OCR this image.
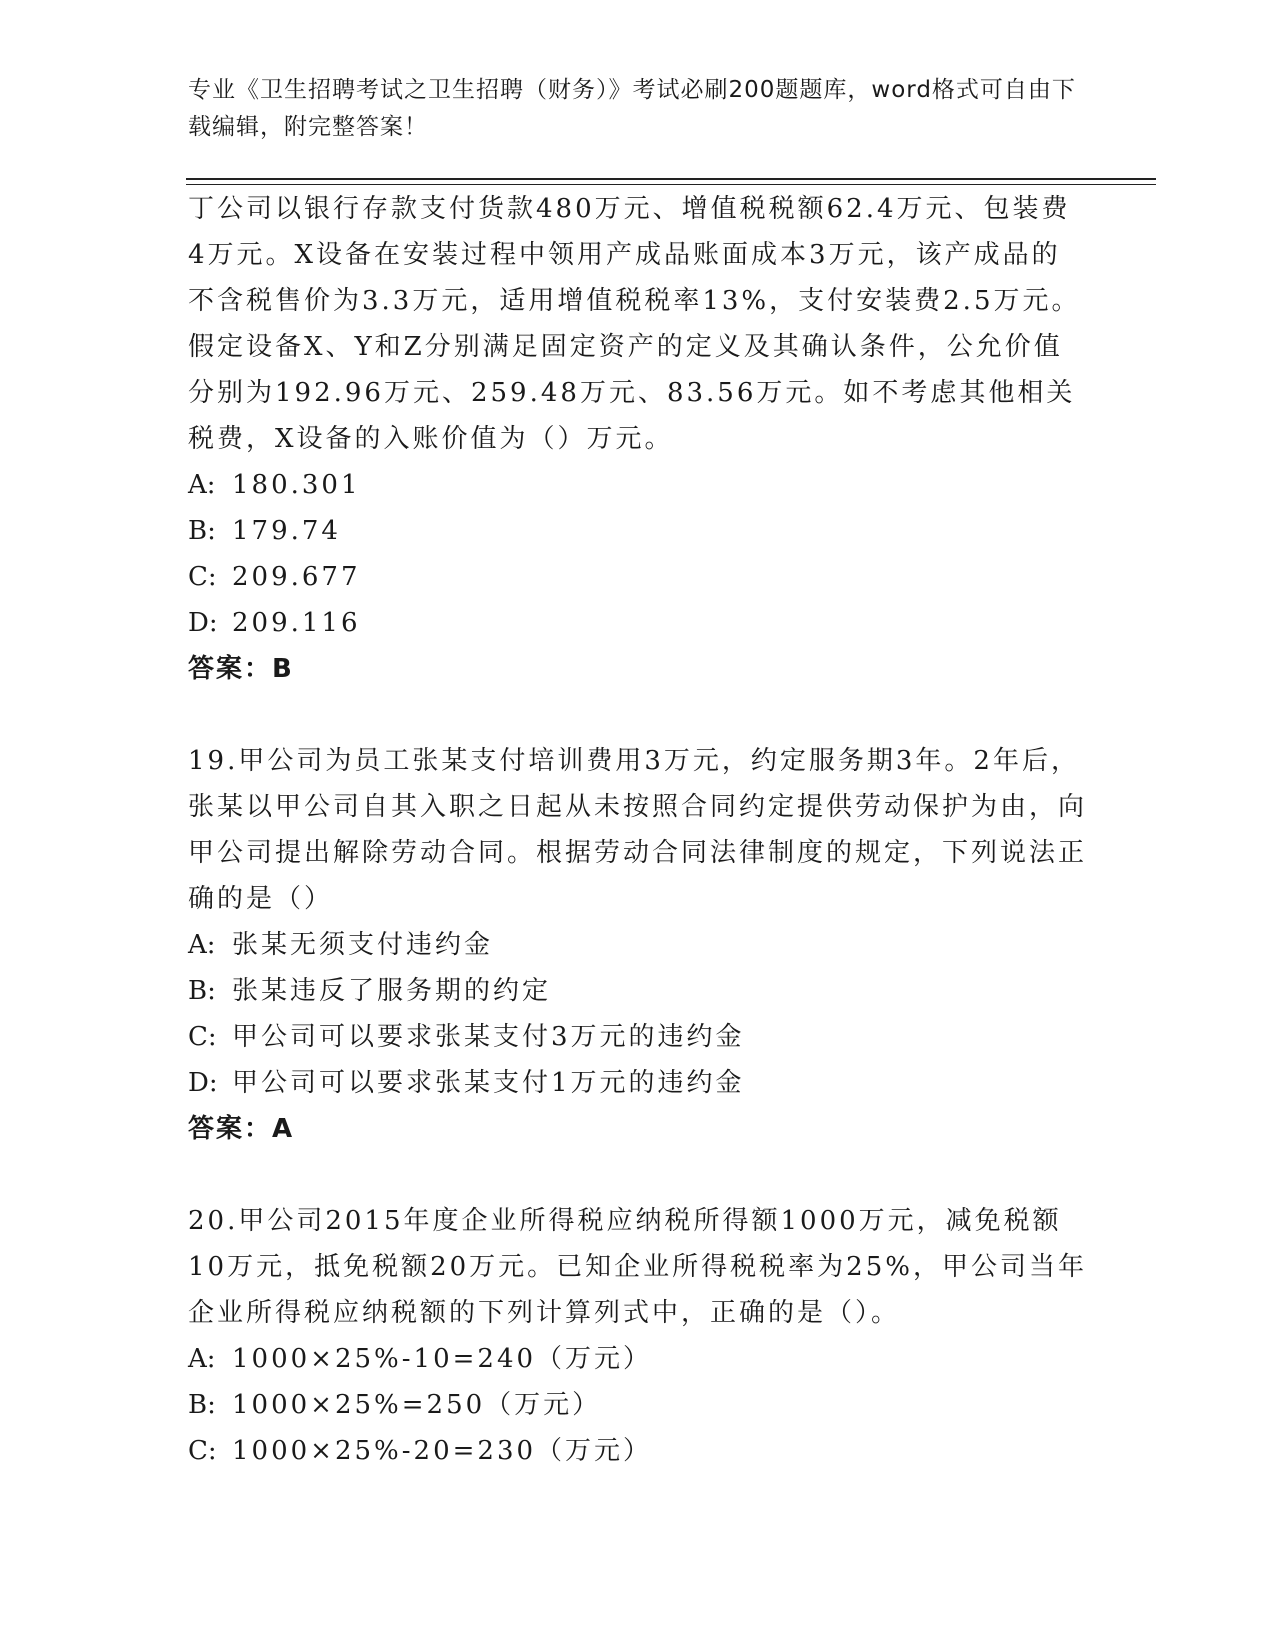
专业《卫生招聘考试之卫生招聘（财务）》考试必刷200题题库，word格式可自由下载编辑，附完整答案！

丁公司以银行存款支付货款480万元、增值税税额62.4万元、包装费4万元。X设备在安装过程中领用产成品账面成本3万元，该产成品的不含税售价为3.3万元，适用增值税税率13%，支付安装费2.5万元。假定设备X、Y和Z分别满足固定资产的定义及其确认条件，公允价值分别为192.96万元、259.48万元、83.56万元。如不考虑其他相关税费，X设备的入账价值为（）万元。

A: 180.301

B: 179.74

C: 209.677

D: 209.116

答案：B

19.甲公司为员工张某支付培训费用3万元，约定服务期3年。2年后，张某以甲公司自其入职之日起从未按照合同约定提供劳动保护为由，向甲公司提出解除劳动合同。根据劳动合同法律制度的规定，下列说法正确的是（）

A: 张某无须支付违约金

B: 张某违反了服务期的约定

C: 甲公司可以要求张某支付3万元的违约金

D: 甲公司可以要求张某支付1万元的违约金

答案：A

20.甲公司2015年度企业所得税应纳税所得额1000万元，减免税额10万元，抵免税额20万元。已知企业所得税税率为25%，甲公司当年企业所得税应纳税额的下列计算列式中，正确的是（）。

A: 1000×25%-10=240（万元）

B: 1000×25%=250（万元）

C: 1000×25%-20=230（万元）
